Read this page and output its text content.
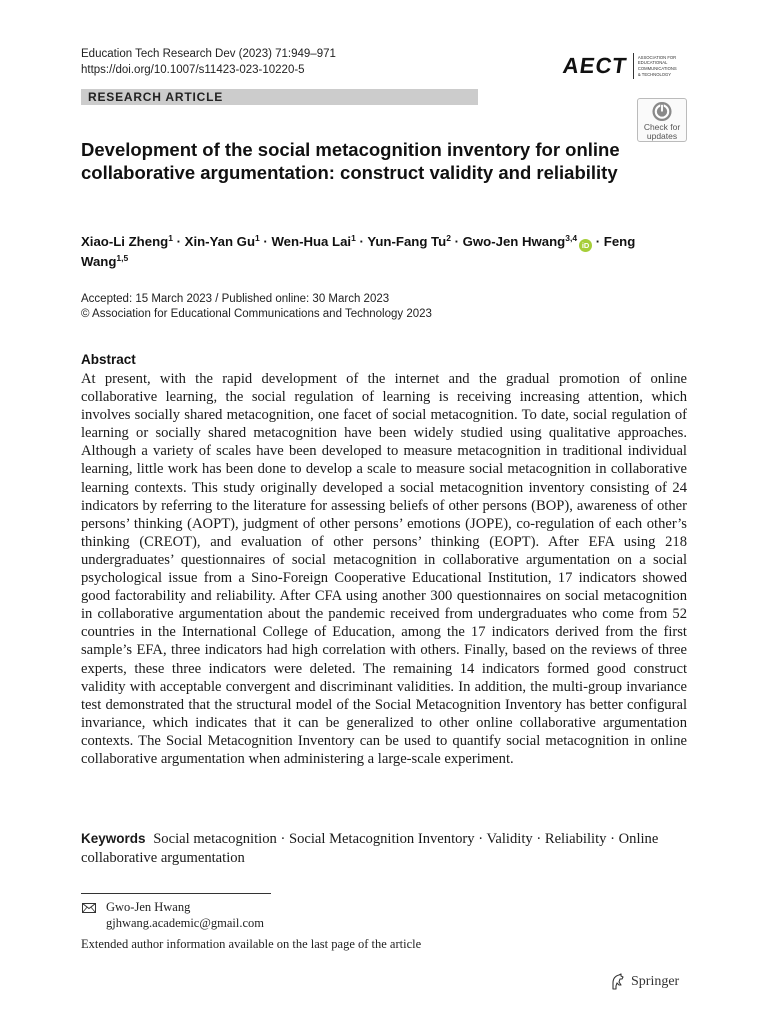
Education Tech Research Dev (2023) 71:949–971
https://doi.org/10.1007/s11423-023-10220-5	AECT ASSOCIATION FOR EDUCATIONAL COMMUNICATIONS & TECHNOLOGY
RESEARCH ARTICLE
Check for
updates
Development of the social metacognition inventory for online collaborative argumentation: construct validity and reliability
Xiao-Li Zheng$^1$ · Xin-Yan $Gu^1 \cdot Wen-Hua$ Lai$^1$ · Yun-Fang $Tu^2 \cdot Gwo-Jen$ Hwang$^{3,4}$iD · Feng Wang$^{1,5}$
Accepted: 15 March 2023 / Published online: 30 March 2023
© Association for Educational Communications and Technology 2023
Abstract

At present, with the rapid development of the internet and the gradual promotion of online collaborative learning, the social regulation of learning is receiving increasing attention, which involves socially shared metacognition, one facet of social metacognition. To date, social regulation of learning or socially shared metacognition have been widely studied using qualitative approaches. Although a variety of scales have been developed to measure metacognition in traditional individual learning, little work has been done to develop a scale to measure social metacognition in collaborative learning contexts. This study originally developed a social metacognition inventory consisting of 24 indicators by referring to the literature for assessing beliefs of other persons (BOP), awareness of other persons’ thinking (AOPT), judgment of other persons’ emotions (JOPE), co-regulation of each other’s thinking (CREOT), and evaluation of other persons’ thinking (EOPT). After EFA using 218 undergraduates’ questionnaires of social metacognition in collaborative argumentation on a social psychological issue from a Sino-Foreign Cooperative Educational Institution, 17 indicators showed good factorability and reliability. After CFA using another 300 questionnaires on social metacognition in collaborative argumentation about the pandemic received from undergraduates who come from 52 countries in the International College of Education, among the 17 indicators derived from the first sample’s EFA, three indicators had high correlation with others. Finally, based on the reviews of three experts, these three indicators were deleted. The remaining 14 indicators formed good construct validity with acceptable convergent and discriminant validities. In addition, the multi-group invariance test demonstrated that the structural model of the Social Metacognition Inventory has better configural invariance, which indicates that it can be generalized to other online collaborative argumentation contexts. The Social Metacognition Inventory can be used to quantify social metacognition in online collaborative argumentation when administering a large-scale experiment.

Keywords Social metacognition · Social Metacognition Inventory · Validity · Reliability · Online collaborative argumentation
Gwo-Jen Hwang
gjhwang.academic@gmail.com
Extended author information available on the last page of the article
Springer
